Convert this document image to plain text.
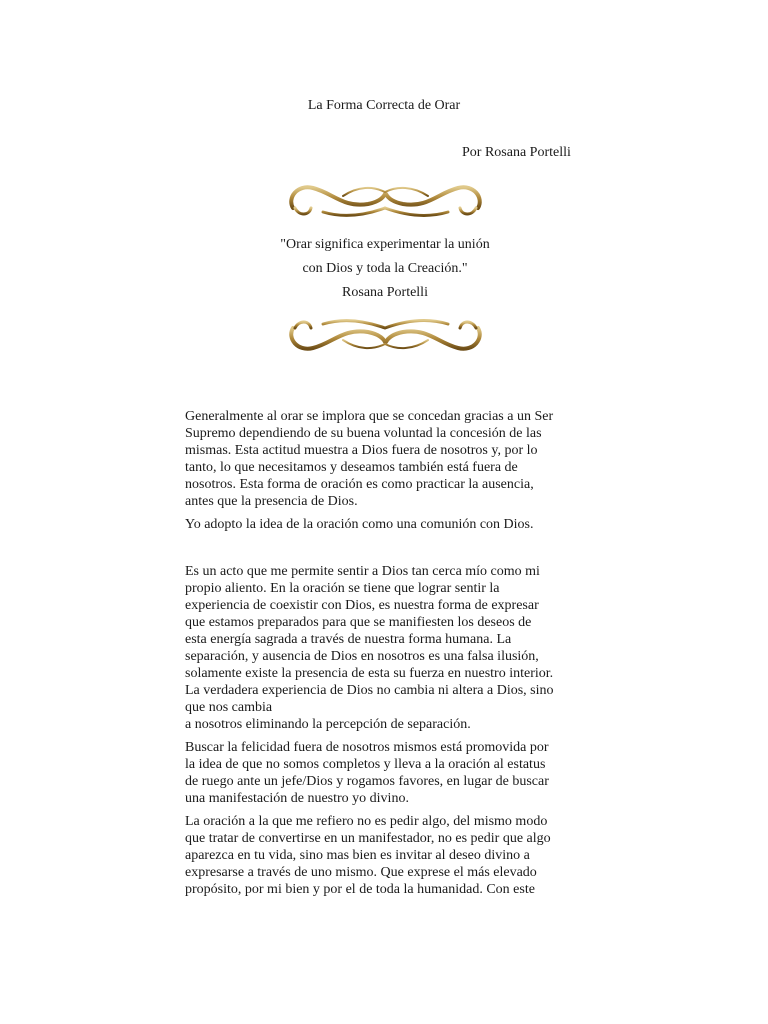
La Forma Correcta de Orar
Por Rosana Portelli
"Orar significa experimentar la unión
con Dios y toda la Creación."
Rosana Portelli

Generalmente al orar se implora que se concedan gracias a un Ser
Supremo dependiendo de su buena voluntad la concesión de las
mismas. Esta actitud muestra a Dios fuera de nosotros y, por lo
tanto, lo que necesitamos y deseamos también está fuera de
nosotros. Esta forma de oración es como practicar la ausencia,
antes que la presencia de Dios.

Yo adopto la idea de la oración como una comunión con Dios.

Es un acto que me permite sentir a Dios tan cerca mío como mi
propio aliento. En la oración se tiene que lograr sentir la
experiencia de coexistir con Dios, es nuestra forma de expresar
que estamos preparados para que se manifiesten los deseos de
esta energía sagrada a través de nuestra forma humana. La
separación, y ausencia de Dios en nosotros es una falsa ilusión,
solamente existe la presencia de esta su fuerza en nuestro interior.
La verdadera experiencia de Dios no cambia ni altera a Dios, sino
que nos cambia
a nosotros eliminando la percepción de separación.

Buscar la felicidad fuera de nosotros mismos está promovida por
la idea de que no somos completos y lleva a la oración al estatus
de ruego ante un jefe/Dios y rogamos favores, en lugar de buscar
una manifestación de nuestro yo divino.

La oración a la que me refiero no es pedir algo, del mismo modo
que tratar de convertirse en un manifestador, no es pedir que algo
aparezca en tu vida, sino mas bien es invitar al deseo divino a
expresarse a través de uno mismo. Que exprese el más elevado
propósito, por mi bien y por el de toda la humanidad. Con este
